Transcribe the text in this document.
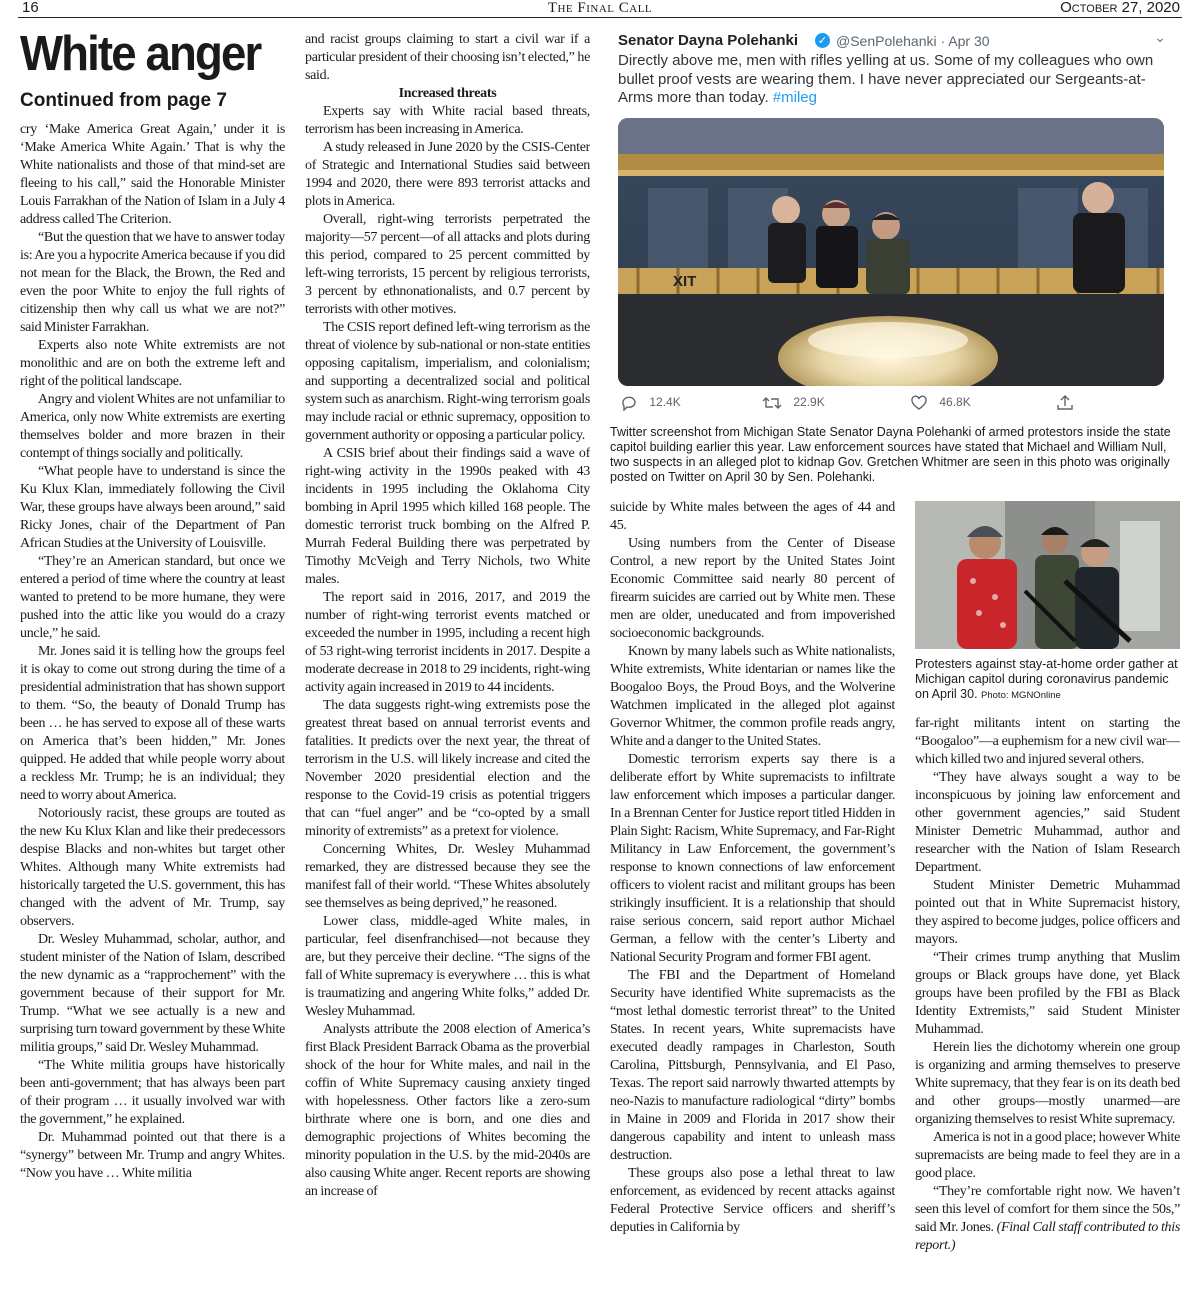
16	The Final Call	October 27, 2020
White anger
Continued from page 7

cry ‘Make America Great Again,’ under it is ‘Make America White Again.’ That is why the White nationalists and those of that mind-set are fleeing to his call,” said the Honorable Minister Louis Farrakhan of the Nation of Islam in a July 4 address called The Criterion.

“But the question that we have to answer today is: Are you a hypocrite America because if you did not mean for the Black, the Brown, the Red and even the poor White to enjoy the full rights of citizenship then why call us what we are not?” said Minister Farrakhan.

Experts also note White extremists are not monolithic and are on both the extreme left and right of the political landscape.

Angry and violent Whites are not unfamiliar to America, only now White extremists are exerting themselves bolder and more brazen in their contempt of things socially and politically.

“What people have to understand is since the Ku Klux Klan, immediately following the Civil War, these groups have always been around,” said Ricky Jones, chair of the Department of Pan African Studies at the University of Louisville.

“They’re an American standard, but once we entered a period of time where the country at least wanted to pretend to be more humane, they were pushed into the attic like you would do a crazy uncle,” he said.

Mr. Jones said it is telling how the groups feel it is okay to come out strong during the time of a presidential administration that has shown support to them. “So, the beauty of Donald Trump has been … he has served to expose all of these warts on America that’s been hidden,” Mr. Jones quipped. He added that while people worry about a reckless Mr. Trump; he is an individual; they need to worry about America.

Notoriously racist, these groups are touted as the new Ku Klux Klan and like their predecessors despise Blacks and non-whites but target other Whites. Although many White extremists had historically targeted the U.S. government, this has changed with the advent of Mr. Trump, say observers.

Dr. Wesley Muhammad, scholar, author, and student minister of the Nation of Islam, described the new dynamic as a “rapprochement” with the government because of their support for Mr. Trump. “What we see actually is a new and surprising turn toward government by these White militia groups,” said Dr. Wesley Muhammad.

“The White militia groups have historically been anti-government; that has always been part of their program … it usually involved war with the government,” he explained.

Dr. Muhammad pointed out that there is a “synergy” between Mr. Trump and angry Whites. “Now you have … White militia

and racist groups claiming to start a civil war if a particular president of their choosing isn’t elected,” he said.

Increased threats

Experts say with White racial based threats, terrorism has been increasing in America.

A study released in June 2020 by the CSIS-Center of Strategic and International Studies said between 1994 and 2020, there were 893 terrorist attacks and plots in America.

Overall, right-wing terrorists perpetrated the majority—57 percent—of all attacks and plots during this period, compared to 25 percent committed by left-wing terrorists, 15 percent by religious terrorists, 3 percent by ethnonationalists, and 0.7 percent by terrorists with other motives.

The CSIS report defined left-wing terrorism as the threat of violence by sub-national or non-state entities opposing capitalism, imperialism, and colonialism; and supporting a decentralized social and political system such as anarchism. Right-wing terrorism goals may include racial or ethnic supremacy, opposition to government authority or opposing a particular policy.

A CSIS brief about their findings said a wave of right-wing activity in the 1990s peaked with 43 incidents in 1995 including the Oklahoma City bombing in April 1995 which killed 168 people. The domestic terrorist truck bombing on the Alfred P. Murrah Federal Building there was perpetrated by Timothy McVeigh and Terry Nichols, two White males.

The report said in 2016, 2017, and 2019 the number of right-wing terrorist events matched or exceeded the number in 1995, including a recent high of 53 right-wing terrorist incidents in 2017. Despite a moderate decrease in 2018 to 29 incidents, right-wing activity again increased in 2019 to 44 incidents.

The data suggests right-wing extremists pose the greatest threat based on annual terrorist events and fatalities. It predicts over the next year, the threat of terrorism in the U.S. will likely increase and cited the November 2020 presidential election and the response to the Covid-19 crisis as potential triggers that can “fuel anger” and be “co-opted by a small minority of extremists” as a pretext for violence.

Concerning Whites, Dr. Wesley Muhammad remarked, they are distressed because they see the manifest fall of their world. “These Whites absolutely see themselves as being deprived,” he reasoned.

Lower class, middle-aged White males, in particular, feel disenfranchised—not because they are, but they perceive their decline. “The signs of the fall of White supremacy is everywhere … this is what is traumatizing and angering White folks,” added Dr. Wesley Muhammad.

Analysts attribute the 2008 election of America’s first Black President Barrack Obama as the proverbial shock of the hour for White males, and nail in the coffin of White Supremacy causing anxiety tinged with hopelessness. Other factors like a zero-sum birthrate where one is born, and one dies and demographic projections of Whites becoming the minority population in the U.S. by the mid-2040s are also causing White anger. Recent reports are showing an increase of

Senator Dayna Polehanki ✓ @SenPolehanki · Apr 30	⌄
Directly above me, men with rifles yelling at us. Some of my colleagues who own bullet proof vests are wearing them. I have never appreciated our Sergeants-at-Arms more than today. #mileg
XIT
12.4K	22.9K	46.8K
Twitter screenshot from Michigan State Senator Dayna Polehanki of armed protestors inside the state capitol building earlier this year. Law enforcement sources have stated that Michael and William Null, two suspects in an alleged plot to kidnap Gov. Gretchen Whitmer are seen in this photo was originally posted on Twitter on April 30 by Sen. Polehanki.

suicide by White males between the ages of 44 and 45.

Using numbers from the Center of Disease Control, a new report by the United States Joint Economic Committee said nearly 80 percent of firearm suicides are carried out by White men. These men are older, uneducated and from impoverished socioeconomic backgrounds.

Known by many labels such as White nationalists, White extremists, White identarian or names like the Boogaloo Boys, the Proud Boys, and the Wolverine Watchmen implicated in the alleged plot against Governor Whitmer, the common profile reads angry, White and a danger to the United States.

Domestic terrorism experts say there is a deliberate effort by White supremacists to infiltrate law enforcement which imposes a particular danger. In a Brennan Center for Justice report titled Hidden in Plain Sight: Racism, White Supremacy, and Far-Right Militancy in Law Enforcement, the government’s response to known connections of law enforcement officers to violent racist and militant groups has been strikingly insufficient. It is a relationship that should raise serious concern, said report author Michael German, a fellow with the center’s Liberty and National Security Program and former FBI agent.

The FBI and the Department of Homeland Security have identified White supremacists as the “most lethal domestic terrorist threat” to the United States. In recent years, White supremacists have executed deadly rampages in Charleston, South Carolina, Pittsburgh, Pennsylvania, and El Paso, Texas. The report said narrowly thwarted attempts by neo-Nazis to manufacture radiological “dirty” bombs in Maine in 2009 and Florida in 2017 show their dangerous capability and intent to unleash mass destruction.

These groups also pose a lethal threat to law enforcement, as evidenced by recent attacks against Federal Protective Service officers and sheriff’s deputies in California by

Protesters against stay-at-home order gather at Michigan capitol during coronavirus pandemic on April 30. Photo: MGNOnline

far-right militants intent on starting the “Boogaloo”—a euphemism for a new civil war—which killed two and injured several others.

“They have always sought a way to be inconspicuous by joining law enforcement and other government agencies,” said Student Minister Demetric Muhammad, author and researcher with the Nation of Islam Research Department.

Student Minister Demetric Muhammad pointed out that in White Supremacist history, they aspired to become judges, police officers and mayors.

“Their crimes trump anything that Muslim groups or Black groups have done, yet Black groups have been profiled by the FBI as Black Identity Extremists,” said Student Minister Muhammad.

Herein lies the dichotomy wherein one group is organizing and arming themselves to preserve White supremacy, that they fear is on its death bed and other groups—mostly unarmed—are organizing themselves to resist White supremacy.

America is not in a good place; however White supremacists are being made to feel they are in a good place.

“They’re comfortable right now. We haven’t seen this level of comfort for them since the 50s,” said Mr. Jones. (Final Call staff contributed to this report.)
